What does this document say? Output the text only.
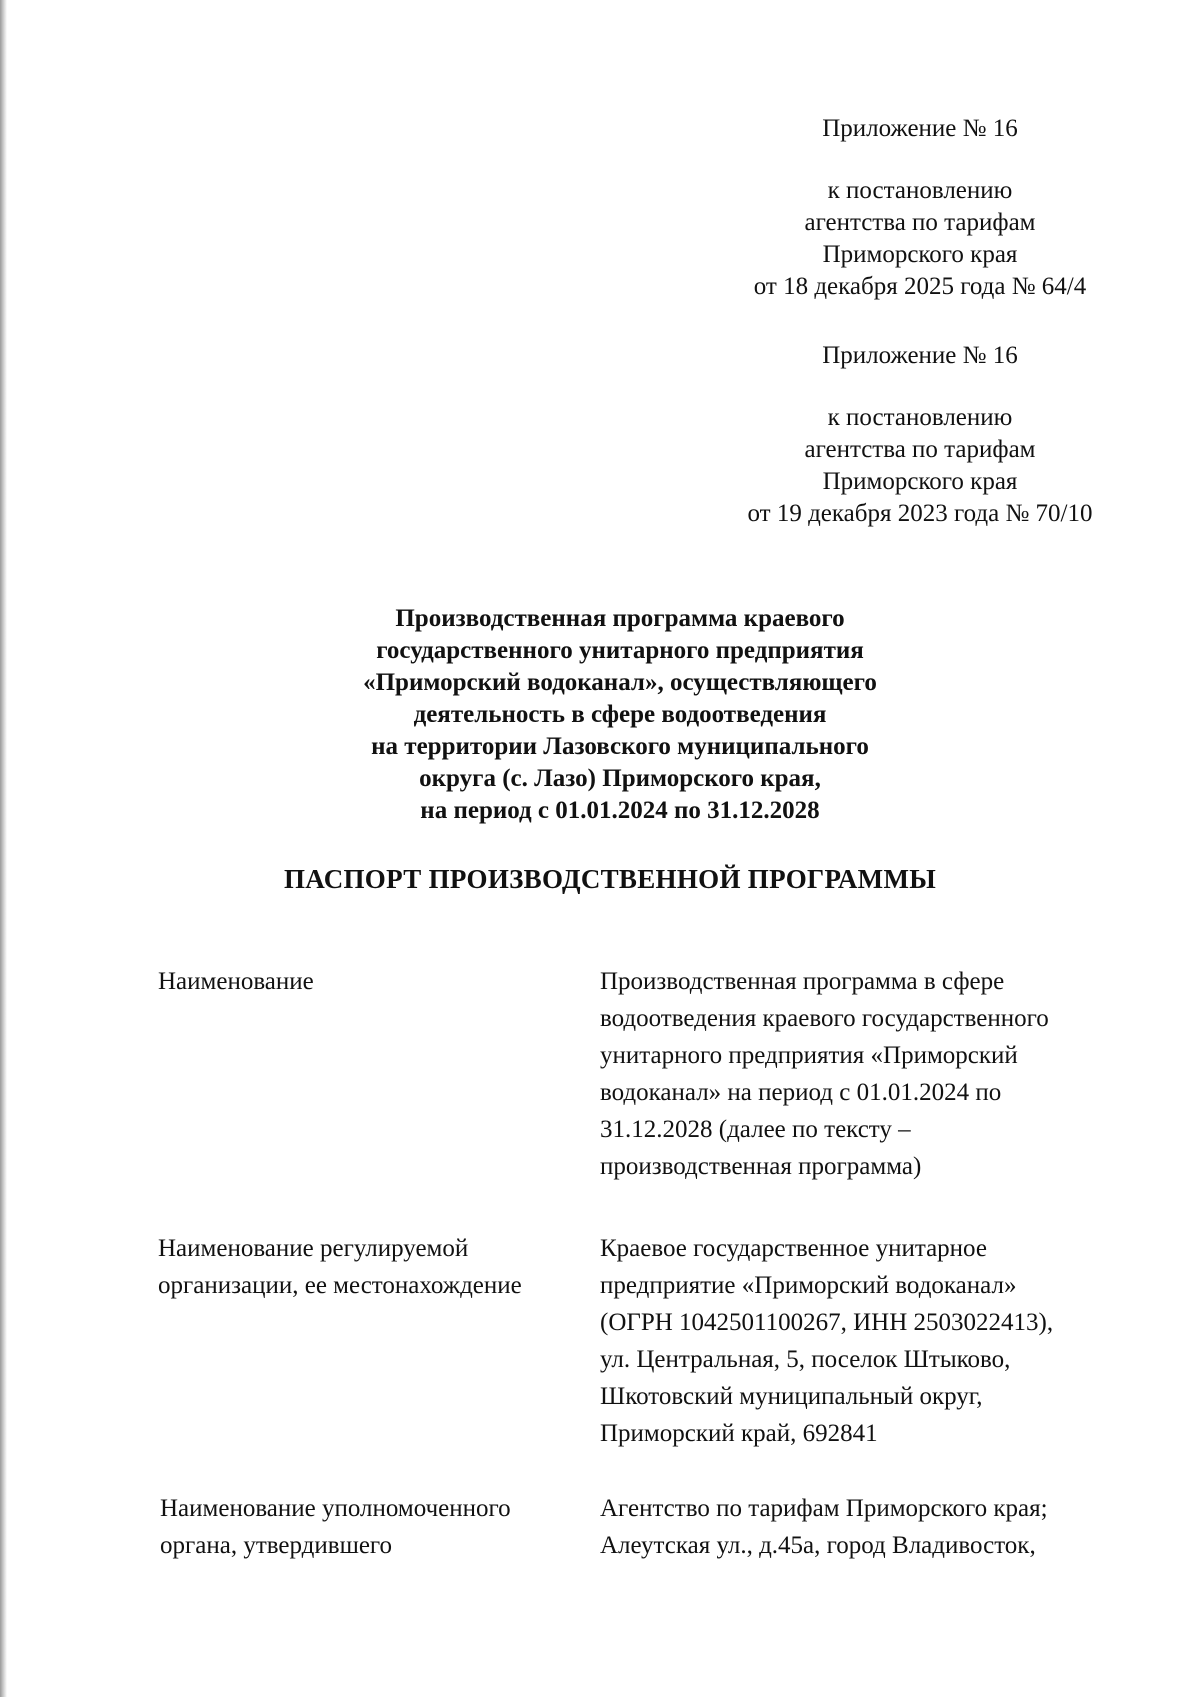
Приложение № 16
к постановлению
агентства по тарифам
Приморского края
от 18 декабря 2025 года № 64/4
Приложение № 16
к постановлению
агентства по тарифам
Приморского края
от 19 декабря 2023 года № 70/10
Производственная программа краевого
государственного унитарного предприятия
«Приморский водоканал», осуществляющего
деятельность в сфере водоотведения
на территории Лазовского муниципального
округа (с. Лазо) Приморского края,
на период с 01.01.2024 по 31.12.2028
ПАСПОРТ ПРОИЗВОДСТВЕННОЙ ПРОГРАММЫ
Наименование	Производственная программа в сфере
водоотведения краевого государственного
унитарного предприятия «Приморский
водоканал» на период с 01.01.2024 по
31.12.2028 (далее по тексту –
производственная программа)
Наименование регулируемой
организации, ее местонахождение
Краевое государственное унитарное
предприятие «Приморский водоканал»
(ОГРН 1042501100267, ИНН 2503022413),
ул. Центральная, 5, поселок Штыково,
Шкотовский муниципальный округ,
Приморский край, 692841
Наименование уполномоченного
органа, утвердившего
Агентство по тарифам Приморского края;
Алеутская ул., д.45а, город Владивосток,
